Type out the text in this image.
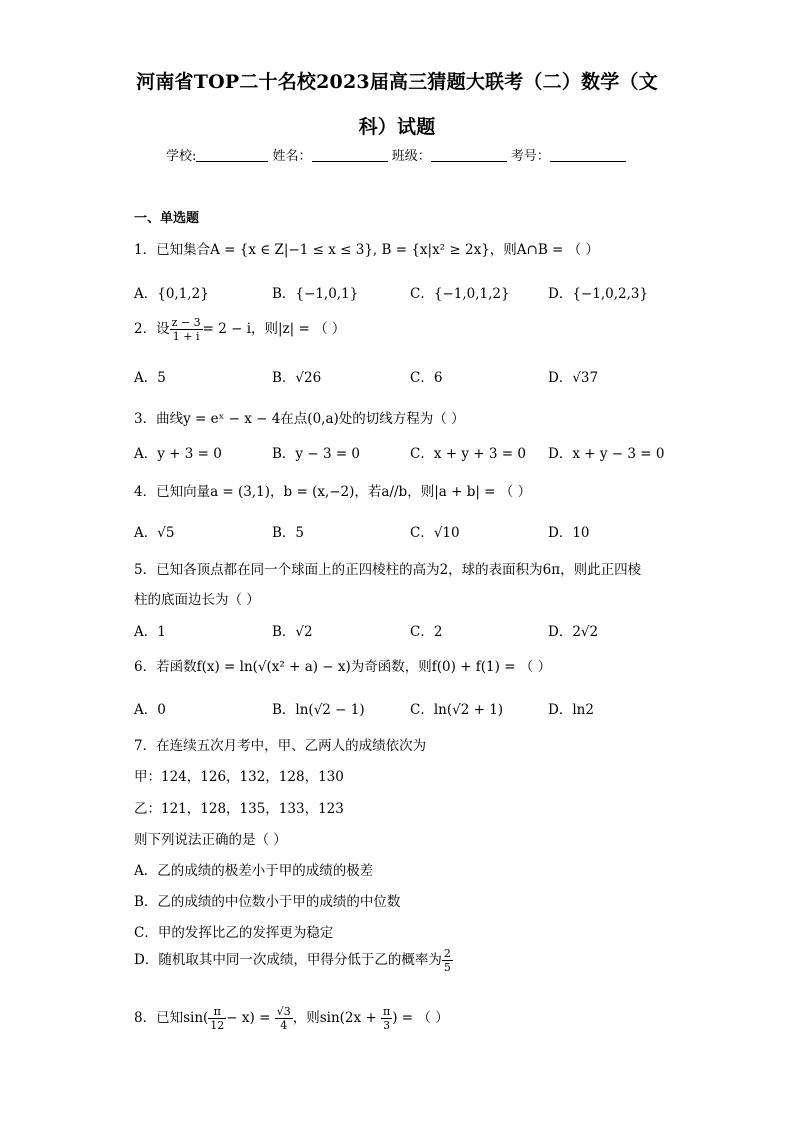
河南省TOP二十名校2023届高三猜题大联考（二）数学（文
科）试题
学校:	姓名：	班级：	考号：
一、单选题
1．已知集合A = {x ∈ Z|−1 ≤ x ≤ 3}, B = {x|x² ≥ 2x}，则A∩B = （ ）
A．{0,1,2}	B．{−1,0,1}	C．{−1,0,1,2}	D．{−1,0,2,3}
2．设 $\frac{z - 3}{1 + i} = 2 - i$，则|z| = （ ）
A．5	B．√26	C．6	D．√37
3．曲线y = eˣ − x − 4在点(0,a)处的切线方程为（ ）
A．y + 3 = 0	B．y − 3 = 0	C．x + y + 3 = 0 D．x + y − 3 = 0
4．已知向量a = (3,1)，b = (x,−2)，若a//b，则|a + b| = （ ）
A．√5	B．5	C．√10	D．10
5．已知各顶点都在同一个球面上的正四棱柱的高为2，球的表面积为6π，则此正四棱
柱的底面边长为（ ）
A．1	B．√2	C．2	D．2√2
6．若函数f(x) = ln(√(x² + a) − x)为奇函数，则f(0) + f(1) = （ ）
A．0	B．ln(√2 − 1)	C．ln(√2 + 1)	D．ln2
7．在连续五次月考中，甲、乙两人的成绩依次为
甲：124，126，132，128，130
乙：121，128，135，133，123
则下列说法正确的是（ ）
A．乙的成绩的极差小于甲的成绩的极差
B．乙的成绩的中位数小于甲的成绩的中位数
C．甲的发挥比乙的发挥更为稳定
D．随机取其中同一次成绩，甲得分低于乙的概率为 $\frac{2}{5}$
8．已知$\sin( \frac{\pi}{12} - x) = \frac{√3}{4}$ ，则$\sin(2x + \frac{\pi}{3}$ ) = （ ）
